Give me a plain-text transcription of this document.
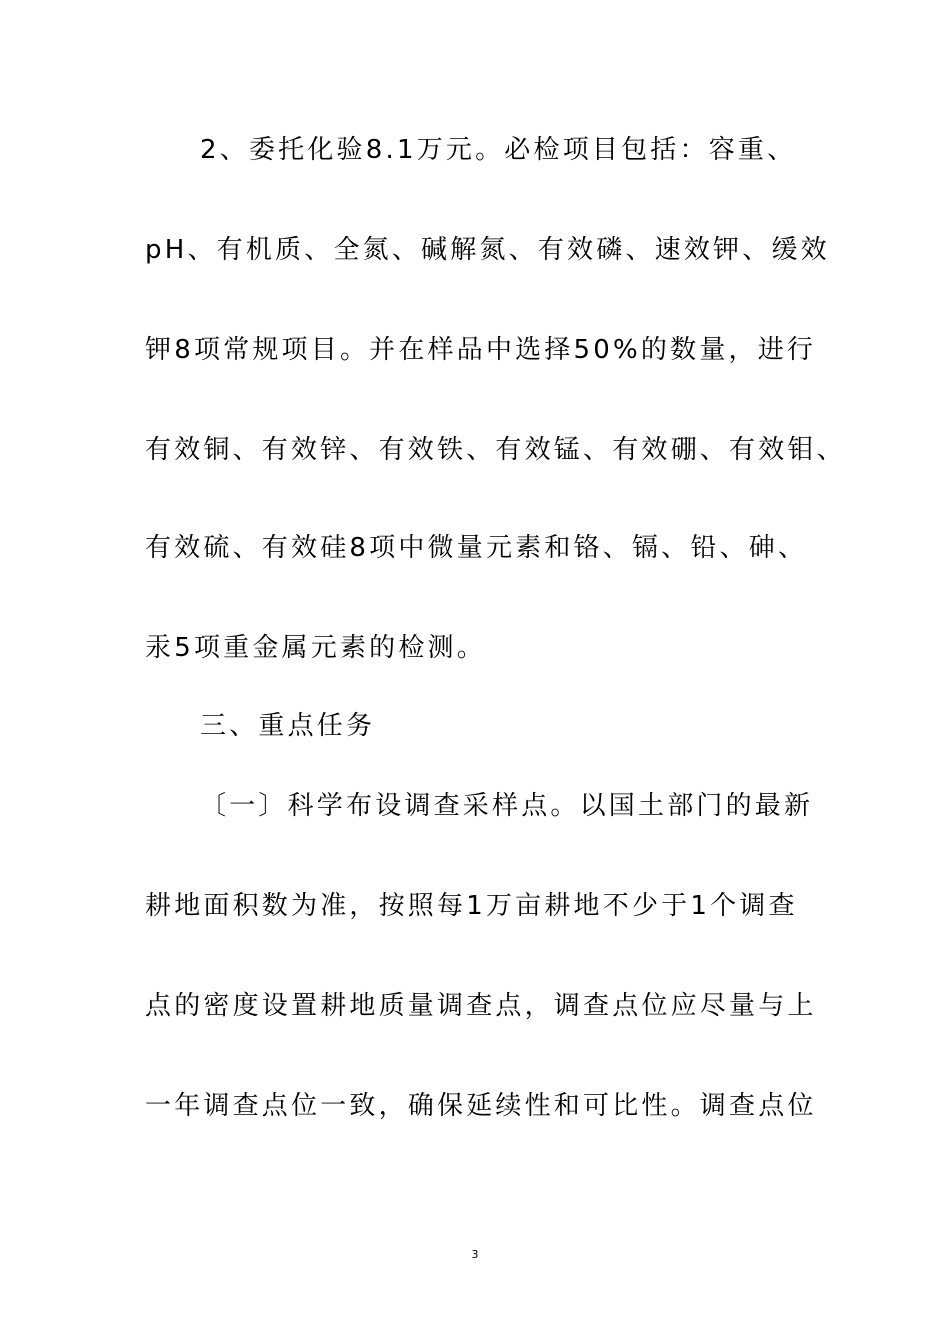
2、委托化验8.1万元。必检项目包括：容重、
pH、有机质、全氮、碱解氮、有效磷、速效钾、缓效
钾8项常规项目。并在样品中选择50%的数量，进行
有效铜、有效锌、有效铁、有效锰、有效硼、有效钼、
有效硫、有效硅8项中微量元素和铬、镉、铅、砷、
汞5项重金属元素的检测。
三、重点任务
〔一〕科学布设调查采样点。以国土部门的最新
耕地面积数为准，按照每1万亩耕地不少于1个调查
点的密度设置耕地质量调查点，调查点位应尽量与上
一年调查点位一致，确保延续性和可比性。调查点位
3
